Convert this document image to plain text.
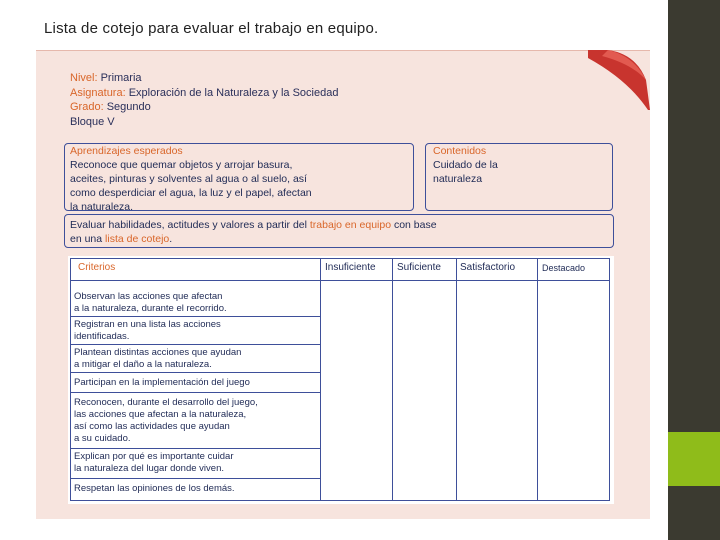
Lista de cotejo para evaluar el trabajo en equipo.
Nivel: Primaria
Asignatura: Exploración de la Naturaleza y la Sociedad
Grado: Segundo
Bloque V
Aprendizajes esperados
Reconoce que quemar objetos y arrojar basura,
aceites, pinturas y solventes al agua o al suelo, así
como desperdiciar el agua, la luz y el papel, afectan
la naturaleza.
Contenidos
Cuidado de la
naturaleza
Evaluar habilidades, actitudes y valores a partir del trabajo en equipo con base
en una lista de cotejo.
Criterios	Insuficiente Suficiente Satisfactorio	Destacado
Observan las acciones que afectan
a la naturaleza, durante el recorrido.
Registran en una lista las acciones
identificadas.
Plantean distintas acciones que ayudan
a mitigar el daño a la naturaleza.
Participan en la implementación del juego
Reconocen, durante el desarrollo del juego,
las acciones que afectan a la naturaleza,
así como las actividades que ayudan
a su cuidado.
Explican por qué es importante cuidar
la naturaleza del lugar donde viven.
Respetan las opiniones de los demás.
